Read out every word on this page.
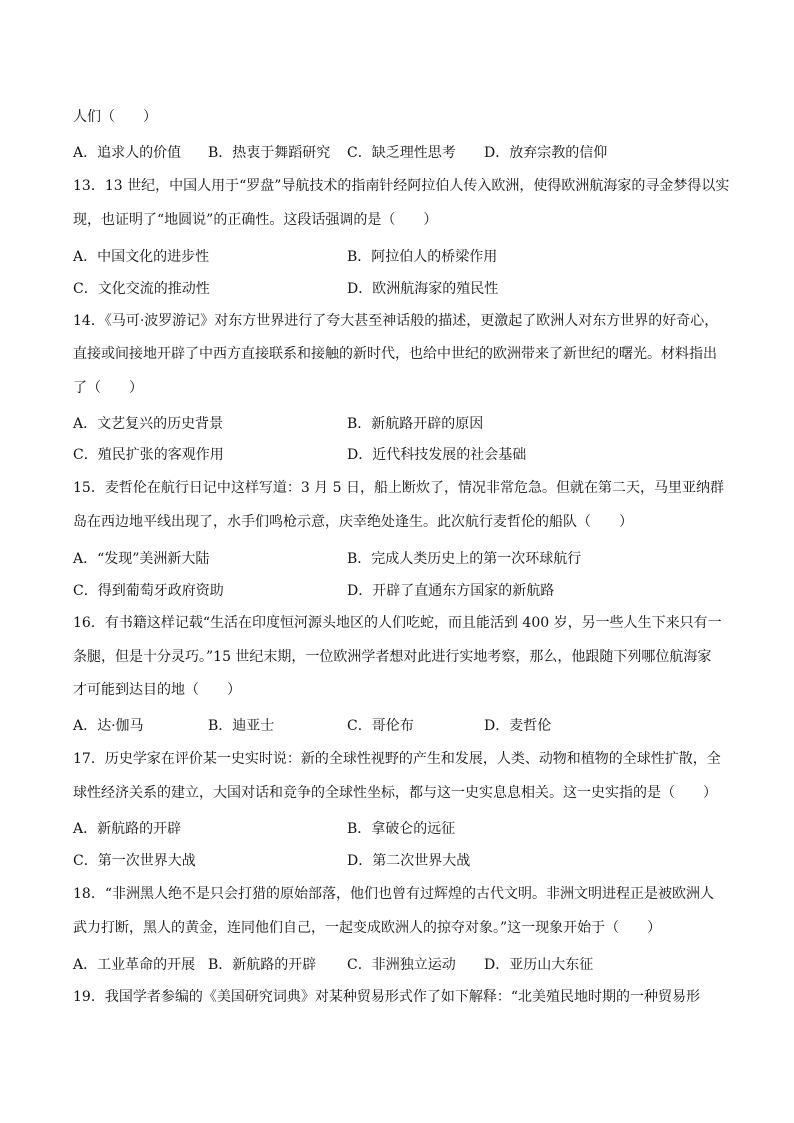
人们（　　）
A．追求人的价值 B．热衷于舞蹈研究 C．缺乏理性思考 D．放弃宗教的信仰
13．13 世纪，中国人用于“罗盘”导航技术的指南针经阿拉伯人传入欧洲，使得欧洲航海家的寻金梦得以实
现，也证明了“地圆说”的正确性。这段话强调的是（　　）
A．中国文化的进步性	B．阿拉伯人的桥梁作用
C．文化交流的推动性	D．欧洲航海家的殖民性
14．《马可·波罗游记》对东方世界进行了夸大甚至神话般的描述，更激起了欧洲人对东方世界的好奇心，
直接或间接地开辟了中西方直接联系和接触的新时代，也给中世纪的欧洲带来了新世纪的曙光。材料指出
了（　　）
A．文艺复兴的历史背景	B．新航路开辟的原因
C．殖民扩张的客观作用	D．近代科技发展的社会基础
15．麦哲伦在航行日记中这样写道：3 月 5 日，船上断炊了，情况非常危急。但就在第二天，马里亚纳群
岛在西边地平线出现了，水手们鸣枪示意，庆幸绝处逢生。此次航行麦哲伦的船队（　　）
A．“发现”美洲新大陆	B．完成人类历史上的第一次环球航行
C．得到葡萄牙政府资助	D．开辟了直通东方国家的新航路
16．有书籍这样记载“生活在印度恒河源头地区的人们吃蛇，而且能活到 400 岁，另一些人生下来只有一
条腿，但是十分灵巧。”15 世纪末期，一位欧洲学者想对此进行实地考察，那么，他跟随下列哪位航海家
才可能到达目的地（　　）
A．达·伽马	B．迪亚士	C．哥伦布	D．麦哲伦
17．历史学家在评价某一史实时说：新的全球性视野的产生和发展，人类、动物和植物的全球性扩散，全
球性经济关系的建立，大国对话和竞争的全球性坐标，都与这一史实息息相关。这一史实指的是（　　）
A．新航路的开辟	B．拿破仑的远征
C．第一次世界大战	D．第二次世界大战
18．“非洲黑人绝不是只会打猎的原始部落，他们也曾有过辉煌的古代文明。非洲文明进程正是被欧洲人
武力打断，黑人的黄金，连同他们自己，一起变成欧洲人的掠夺对象。”这一现象开始于（　　）
A．工业革命的开展 B．新航路的开辟 C．非洲独立运动 D．亚历山大东征
19．我国学者参编的《美国研究词典》对某种贸易形式作了如下解释：“北美殖民地时期的一种贸易形
